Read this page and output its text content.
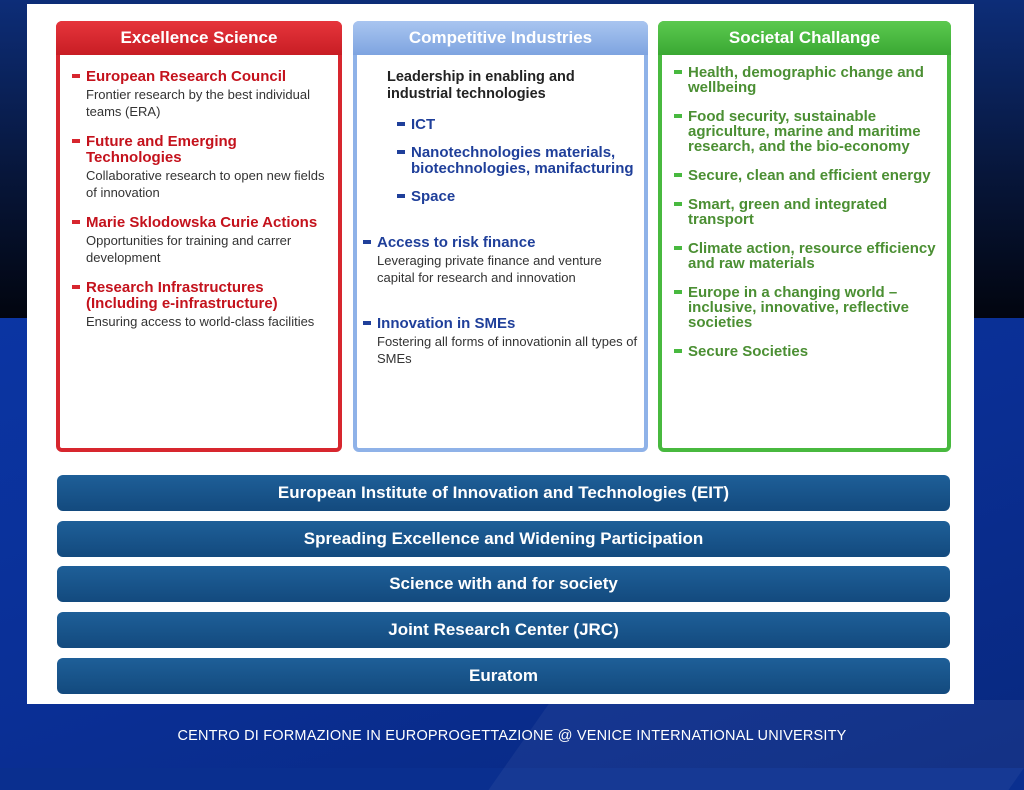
Excellence Science
European Research Council
Frontier research by the best individual teams (ERA)
Future and Emerging Technologies
Collaborative research to open new fields of innovation
Marie Sklodowska Curie Actions
Opportunities for training and carrer development
Research Infrastructures (Including e-infrastructure)
Ensuring access to world-class facilities
Competitive Industries
Leadership in enabling and industrial technologies
ICT
Nanotechnologies materials, biotechnologies, manifacturing
Space
Access to risk finance
Leveraging private finance and venture capital for research and innovation
Innovation in SMEs
Fostering all forms of innovationin all types of SMEs
Societal Challange
Health, demographic change and wellbeing
Food security, sustainable agriculture, marine and maritime research, and the bio-economy
Secure, clean and efficient energy
Smart, green and integrated transport
Climate action, resource efficiency and raw materials
Europe in a changing world – inclusive, innovative, reflective societies
Secure Societies
European Institute of Innovation and Technologies (EIT)
Spreading Excellence and Widening Participation
Science with and for society
Joint Research Center (JRC)
Euratom
CENTRO DI FORMAZIONE IN EUROPROGETTAZIONE @ VENICE INTERNATIONAL UNIVERSITY
